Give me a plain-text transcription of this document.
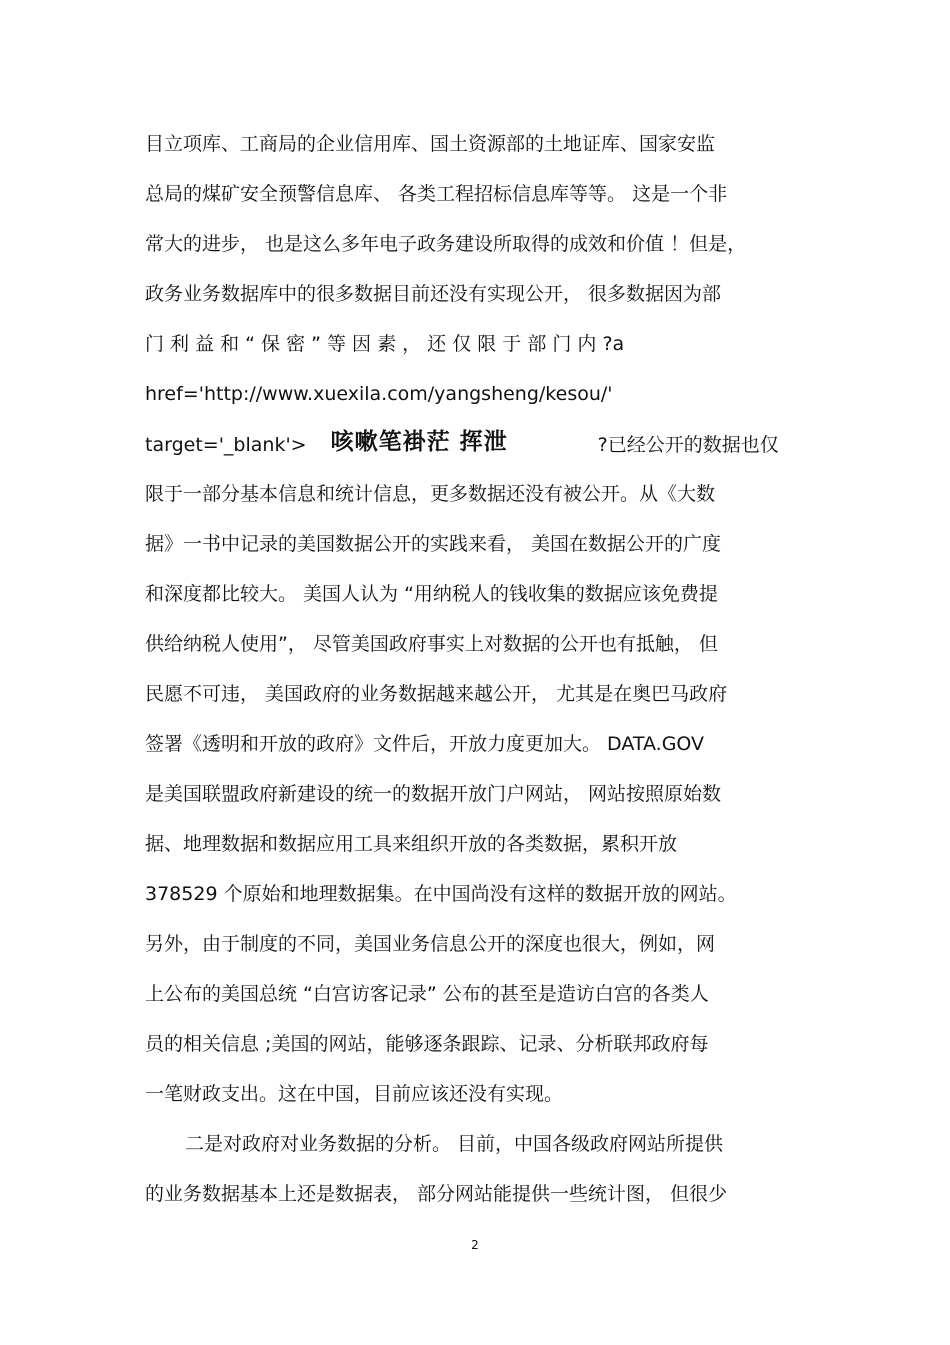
目立项库、工商局的企业信用库、国土资源部的土地证库、国家安监
总局的煤矿安全预警信息库、 各类工程招标信息库等等。 这是一个非
常大的进步， 也是这么多年电子政务建设所取得的成效和价值 ！但是，
政务业务数据库中的很多数据目前还没有实现公开， 很多数据因为部
门 利 益 和 “ 保 密 ” 等 因 素 ， 还 仅 限 于 部 门 内 ?a
href='http://www.xuexila.com/yangsheng/kesou/'
target='_blank'> 咳嗽笔褂茫 挥泄	?已经公开的数据也仅
限于一部分基本信息和统计信息，更多数据还没有被公开。从《大数
据》一书中记录的美国数据公开的实践来看， 美国在数据公开的广度
和深度都比较大。 美国人认为 “用纳税人的钱收集的数据应该免费提
供给纳税人使用”， 尽管美国政府事实上对数据的公开也有抵触， 但
民愿不可违， 美国政府的业务数据越来越公开， 尤其是在奥巴马政府
签署《透明和开放的政府》文件后，开放力度更加大。 DATA.GOV
是美国联盟政府新建设的统一的数据开放门户网站， 网站按照原始数
据、地理数据和数据应用工具来组织开放的各类数据，累积开放
378529 个原始和地理数据集。在中国尚没有这样的数据开放的网站。
另外，由于制度的不同，美国业务信息公开的深度也很大，例如，网
上公布的美国总统 “白宫访客记录” 公布的甚至是造访白宫的各类人
员的相关信息 ;美国的网站，能够逐条跟踪、记录、分析联邦政府每
一笔财政支出。这在中国，目前应该还没有实现。
二是对政府对业务数据的分析。 目前，中国各级政府网站所提供
的业务数据基本上还是数据表， 部分网站能提供一些统计图， 但很少
2
